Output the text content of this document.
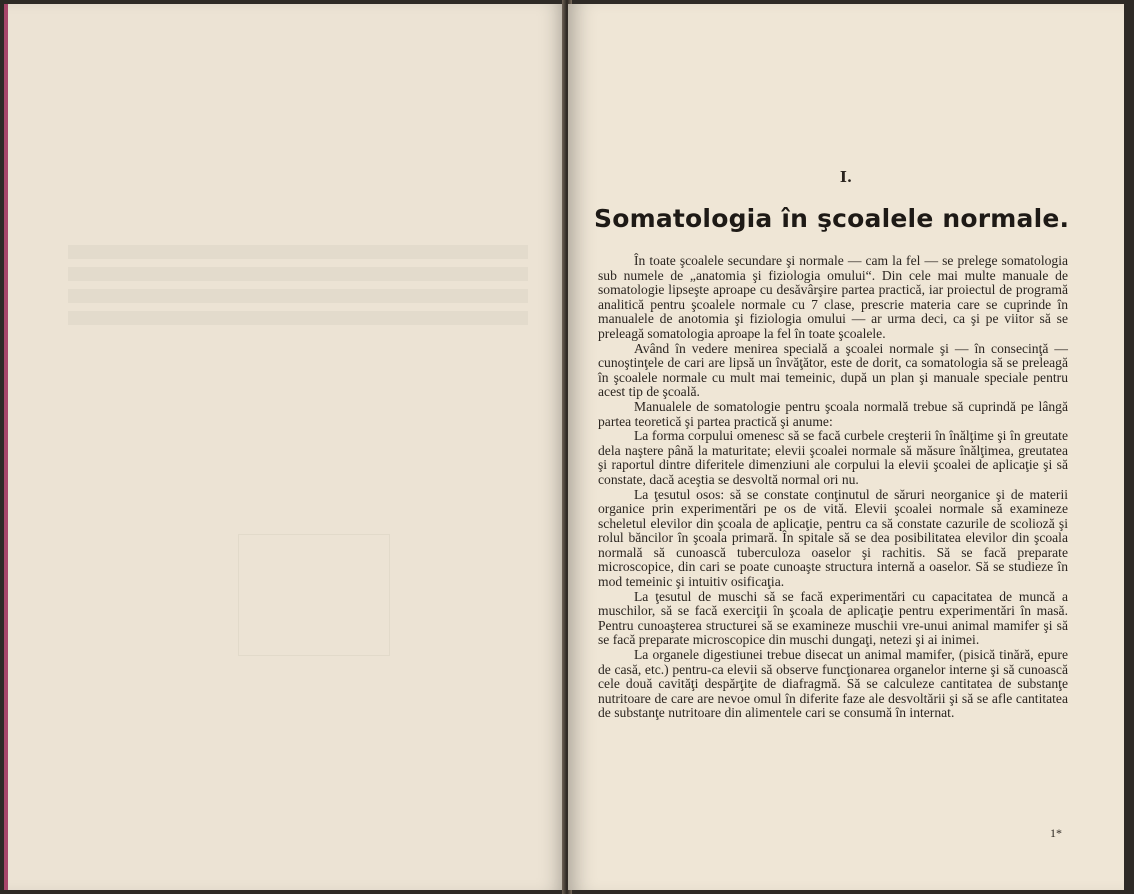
I.
Somatologia în şcoalele normale.

În toate şcoalele secundare şi normale — cam la fel — se prelege somatologia sub numele de „anatomia şi fiziologia omului“. Din cele mai multe manuale de somatologie lipseşte aproape cu desăvârşire partea practică, iar proiectul de programă analitică pentru şcoalele normale cu 7 clase, prescrie materia care se cuprinde în manualele de anotomia şi fiziologia omului — ar urma deci, ca şi pe viitor să se preleagă somatologia aproape la fel în toate şcoalele.

Având în vedere menirea specială a şcoalei normale şi — în consecinţă — cunoştinţele de cari are lipsă un învăţător, este de dorit, ca somatologia să se preleagă în şcoalele normale cu mult mai temeinic, după un plan şi manuale speciale pentru acest tip de şcoală.

Manualele de somatologie pentru şcoala normală trebue să cuprindă pe lângă partea teoretică şi partea practică şi anume:

La forma corpului omenesc să se facă curbele creşterii în înălţime şi în greutate dela naştere până la maturitate; elevii şcoalei normale să măsure înălţimea, greutatea şi raportul dintre diferitele dimenziuni ale corpului la elevii şcoalei de aplicaţie şi să constate, dacă aceştia se desvoltă normal ori nu.

La ţesutul osos: să se constate conţinutul de săruri neorganice şi de materii organice prin experimentări pe os de vită. Elevii şcoalei normale să examineze scheletul elevilor din şcoala de aplicaţie, pentru ca să constate cazurile de scolioză şi rolul băncilor în şcoala primară. În spitale să se dea posibilitatea elevilor din şcoala normală să cunoască tuberculoza oaselor şi rachitis. Să se facă preparate microscopice, din cari se poate cunoaşte structura internă a oaselor. Să se studieze în mod temeinic şi intuitiv osificaţia.

La ţesutul de muschi să se facă experimentări cu capacitatea de muncă a muschilor, să se facă exerciţii în şcoala de aplicaţie pentru experimentări în masă. Pentru cunoaşterea structurei să se examineze muschii vre-unui animal mamifer şi să se facă preparate microscopice din muschi dungaţi, netezi şi ai inimei.

La organele digestiunei trebue disecat un animal mamifer, (pisică tinără, epure de casă, etc.) pentru-ca elevii să observe funcţionarea organelor interne şi să cunoască cele două cavităţi despărţite de diafragmă. Să se calculeze cantitatea de substanţe nutritoare de care are nevoe omul în diferite faze ale desvoltării şi să se afle cantitatea de substanţe nutritoare din alimentele cari se consumă în internat.

1*
